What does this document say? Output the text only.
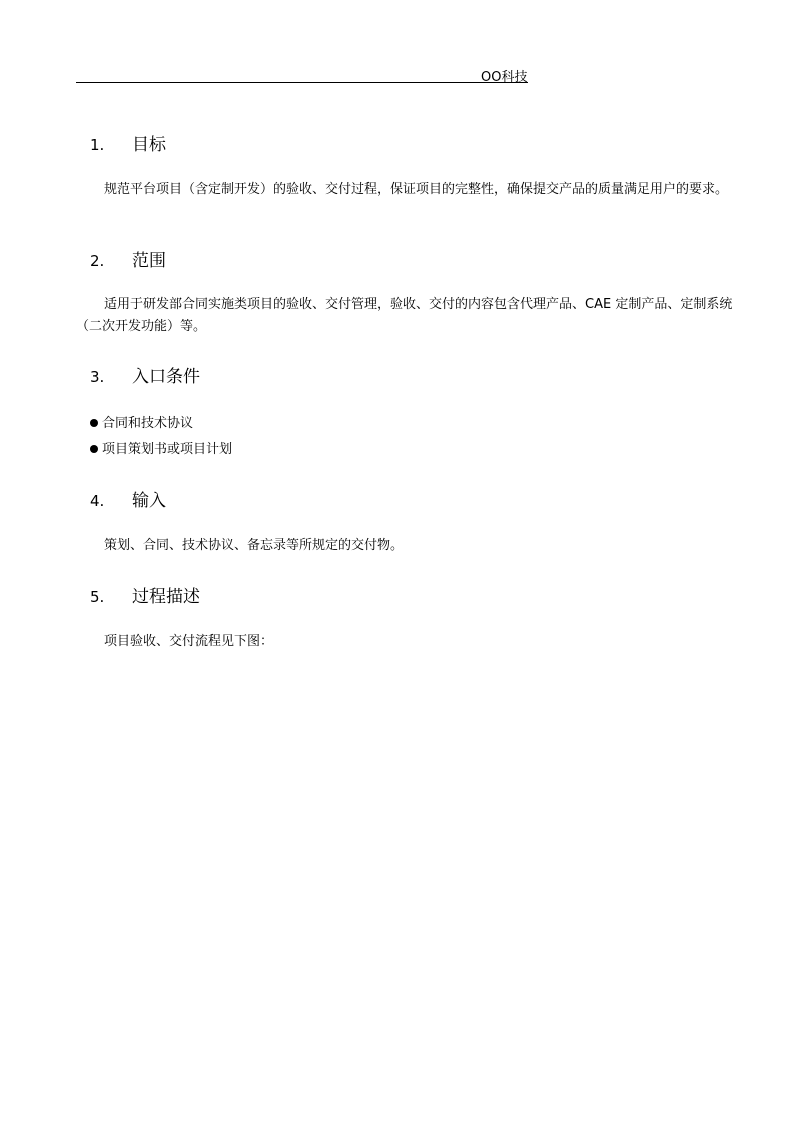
OO科技
1. 目标
规范平台项目（含定制开发）的验收、交付过程，保证项目的完整性，确保提交产品的质量满足用户的要求。
2. 范围
适用于研发部合同实施类项目的验收、交付管理，验收、交付的内容包含代理产品、CAE 定制产品、定制系统（二次开发功能）等。
3. 入口条件
合同和技术协议
项目策划书或项目计划
4. 输入
策划、合同、技术协议、备忘录等所规定的交付物。
5. 过程描述
项目验收、交付流程见下图：
